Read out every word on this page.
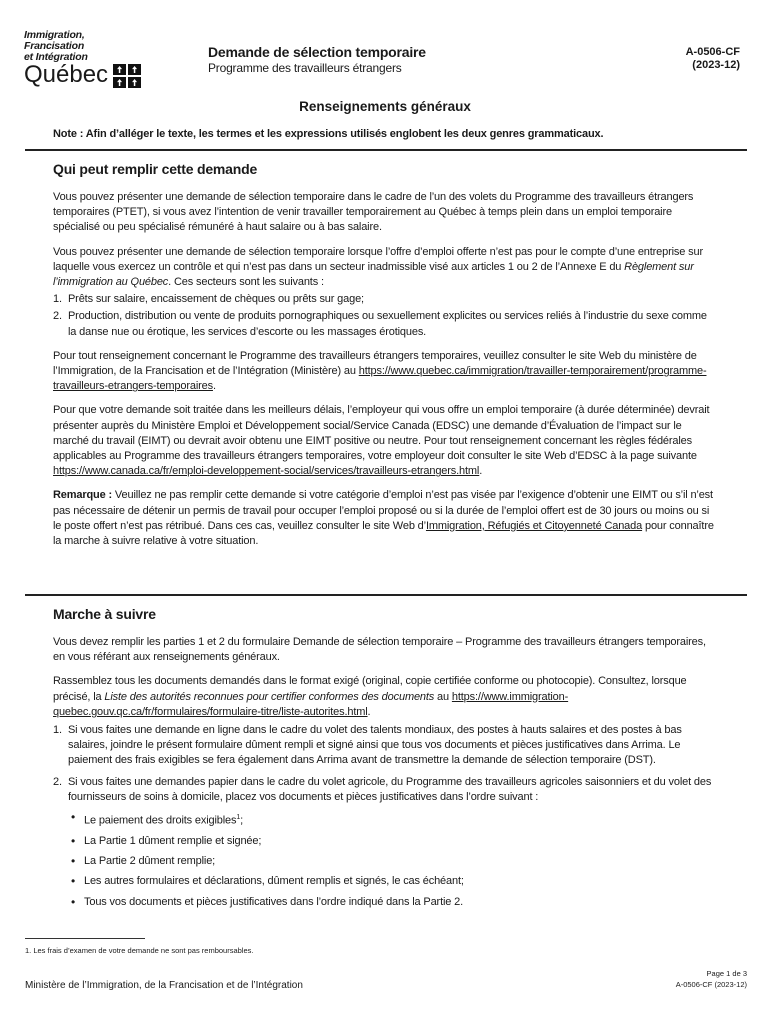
Immigration,
Francisation
et Intégration
Québec
Demande de sélection temporaire
Programme des travailleurs étrangers
A-0506-CF
(2023-12)
Renseignements généraux
Note : Afin d’alléger le texte, les termes et les expressions utilisés englobent les deux genres grammaticaux.
Qui peut remplir cette demande

Vous pouvez présenter une demande de sélection temporaire dans le cadre de l’un des volets du Programme des travailleurs étrangers temporaires (PTET), si vous avez l’intention de venir travailler temporairement au Québec à temps plein dans un emploi temporaire spécialisé ou peu spécialisé rémunéré à haut salaire ou à bas salaire.

Vous pouvez présenter une demande de sélection temporaire lorsque l’offre d’emploi offerte n’est pas pour le compte d’une entreprise sur laquelle vous exercez un contrôle et qui n’est pas dans un secteur inadmissible visé aux articles 1 ou 2 de l’Annexe E du Règlement sur l’immigration au Québec. Ces secteurs sont les suivants :

1. Prêts sur salaire, encaissement de chèques ou prêts sur gage;
2. Production, distribution ou vente de produits pornographiques ou sexuellement explicites ou services reliés à l’industrie du sexe comme la danse nue ou érotique, les services d’escorte ou les massages érotiques.

Pour tout renseignement concernant le Programme des travailleurs étrangers temporaires, veuillez consulter le site Web du ministère de l’Immigration, de la Francisation et de l’Intégration (Ministère) au https://www.quebec.ca/immigration/travailler-temporairement/programme-travailleurs-etrangers-temporaires.

Pour que votre demande soit traitée dans les meilleurs délais, l’employeur qui vous offre un emploi temporaire (à durée déterminée) devrait présenter auprès du Ministère Emploi et Développement social/Service Canada (EDSC) une demande d’Évaluation de l’impact sur le marché du travail (EIMT) ou devrait avoir obtenu une EIMT positive ou neutre. Pour tout renseignement concernant les règles fédérales applicables au Programme des travailleurs étrangers temporaires, votre employeur doit consulter le site Web d’EDSC à la page suivante https://www.canada.ca/fr/emploi-developpement-social/services/travailleurs-etrangers.html.

Remarque : Veuillez ne pas remplir cette demande si votre catégorie d’emploi n’est pas visée par l’exigence d’obtenir une EIMT ou s’il n’est pas nécessaire de détenir un permis de travail pour occuper l’emploi proposé ou si la durée de l’emploi offert est de 30 jours ou moins ou si le poste offert n’est pas rétribué. Dans ces cas, veuillez consulter le site Web d’Immigration, Réfugiés et Citoyenneté Canada pour connaître la marche à suivre relative à votre situation.

Marche à suivre

Vous devez remplir les parties 1 et 2 du formulaire Demande de sélection temporaire – Programme des travailleurs étrangers temporaires, en vous référant aux renseignements généraux.

Rassemblez tous les documents demandés dans le format exigé (original, copie certifiée conforme ou photocopie). Consultez, lorsque précisé, la Liste des autorités reconnues pour certifier conformes des documents au https://www.immigration-quebec.gouv.qc.ca/fr/formulaires/formulaire-titre/liste-autorites.html.

1. Si vous faites une demande en ligne dans le cadre du volet des talents mondiaux, des postes à hauts salaires et des postes à bas salaires, joindre le présent formulaire dûment rempli et signé ainsi que tous vos documents et pièces justificatives dans Arrima. Le paiement des frais exigibles se fera également dans Arrima avant de transmettre la demande de sélection temporaire (DST).
2. Si vous faites une demandes papier dans le cadre du volet agricole, du Programme des travailleurs agricoles saisonniers et du volet des fournisseurs de soins à domicile, placez vos documents et pièces justificatives dans l’ordre suivant :
• Le paiement des droits exigibles$^1$;
• La Partie 1 dûment remplie et signée;
• La Partie 2 dûment remplie;
• Les autres formulaires et déclarations, dûment remplis et signés, le cas échéant;
• Tous vos documents et pièces justificatives dans l’ordre indiqué dans la Partie 2.
1. Les frais d’examen de votre demande ne sont pas remboursables.
Ministère de l’Immigration, de la Francisation et de l’Intégration
Page 1 de 3
A-0506-CF (2023-12)
